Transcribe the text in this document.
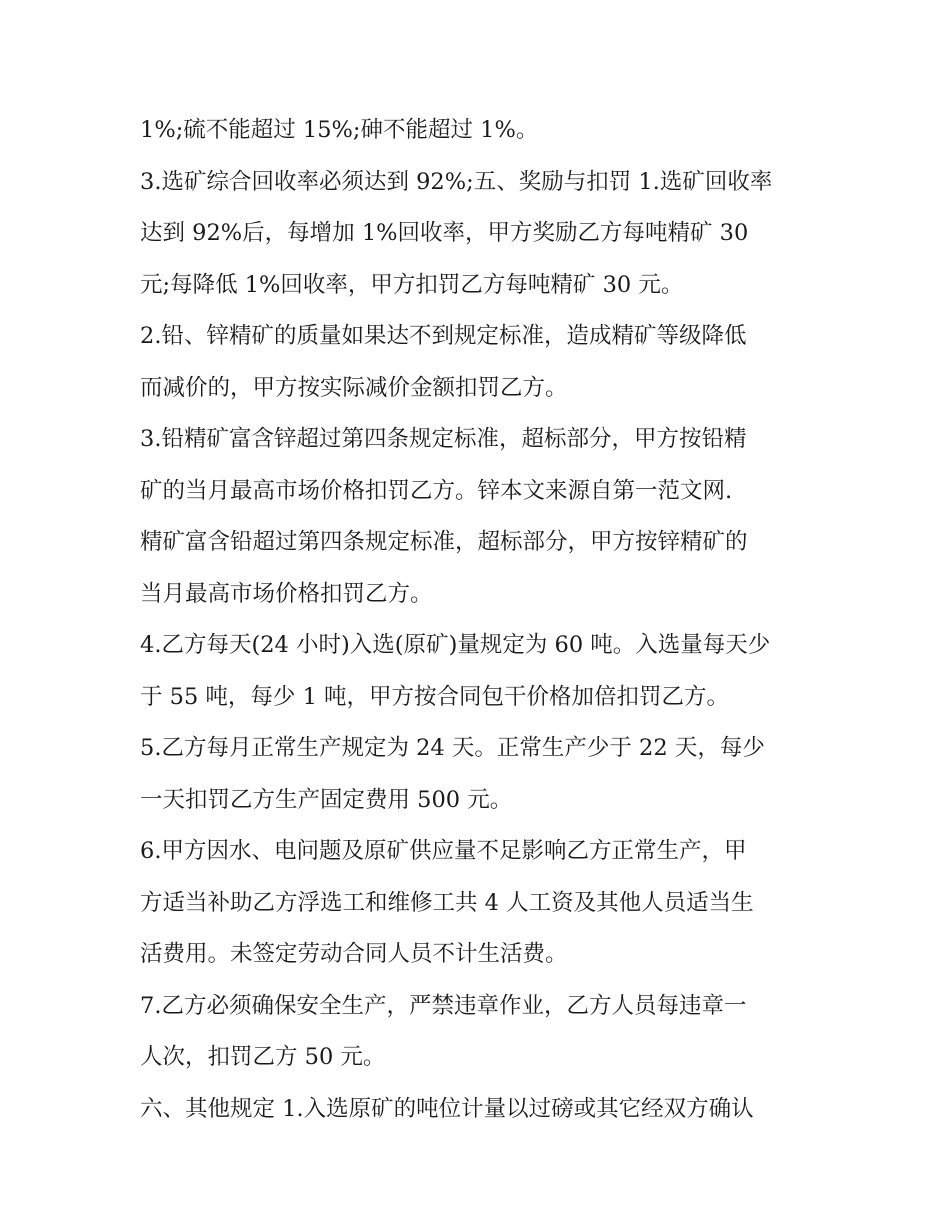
1%;硫不能超过 15%;砷不能超过 1%。
3.选矿综合回收率必须达到 92%;五、奖励与扣罚 1.选矿回收率
达到 92%后，每增加 1%回收率，甲方奖励乙方每吨精矿 30
元;每降低 1%回收率，甲方扣罚乙方每吨精矿 30 元。
2.铅、锌精矿的质量如果达不到规定标准，造成精矿等级降低
而减价的，甲方按实际减价金额扣罚乙方。
3.铅精矿富含锌超过第四条规定标准，超标部分，甲方按铅精
矿的当月最高市场价格扣罚乙方。锌本文来源自第一范文网.
精矿富含铅超过第四条规定标准，超标部分，甲方按锌精矿的
当月最高市场价格扣罚乙方。
4.乙方每天(24 小时)入选(原矿)量规定为 60 吨。入选量每天少
于 55 吨，每少 1 吨，甲方按合同包干价格加倍扣罚乙方。
5.乙方每月正常生产规定为 24 天。正常生产少于 22 天，每少
一天扣罚乙方生产固定费用 500 元。
6.甲方因水、电问题及原矿供应量不足影响乙方正常生产，甲
方适当补助乙方浮选工和维修工共 4 人工资及其他人员适当生
活费用。未签定劳动合同人员不计生活费。
7.乙方必须确保安全生产，严禁违章作业，乙方人员每违章一
人次，扣罚乙方 50 元。
六、其他规定 1.入选原矿的吨位计量以过磅或其它经双方确认
